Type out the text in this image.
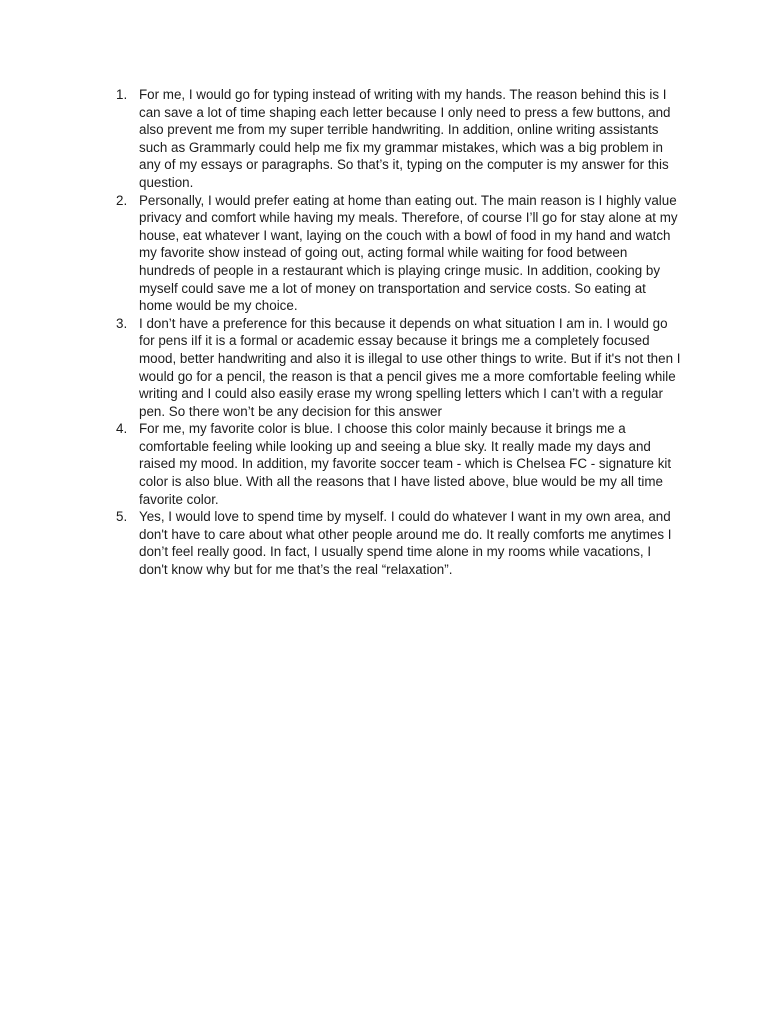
1. For me, I would go for typing instead of writing with my hands. The reason behind this is I can save a lot of time shaping each letter because I only need to press a few buttons, and also prevent me from my super terrible handwriting. In addition, online writing assistants such as Grammarly could help me fix my grammar mistakes, which was a big problem in any of my essays or paragraphs. So that’s it, typing on the computer is my answer for this question.
2. Personally, I would prefer eating at home than eating out. The main reason is I highly value privacy and comfort while having my meals. Therefore, of course I’ll go for stay alone at my house, eat whatever I want, laying on the couch with a bowl of food in my hand and watch my favorite show instead of going out, acting formal while waiting for food between hundreds of people in a restaurant which is playing cringe music. In addition, cooking by myself could save me a lot of money on transportation and service costs. So eating at home would be my choice.
3. I don’t have a preference for this because it depends on what situation I am in. I would go for pens iIf it is a formal or academic essay because it brings me a completely focused mood, better handwriting and also it is illegal to use other things to write. But if it's not then I would go for a pencil, the reason is that a pencil gives me a more comfortable feeling while writing and I could also easily erase my wrong spelling letters which I can’t with a regular pen. So there won’t be any decision for this answer
4. For me, my favorite color is blue. I choose this color mainly because it brings me a comfortable feeling while looking up and seeing a blue sky. It really made my days and raised my mood. In addition, my favorite soccer team - which is Chelsea FC - signature kit color is also blue. With all the reasons that I have listed above, blue would be my all time favorite color.
5. Yes, I would love to spend time by myself. I could do whatever I want in my own area, and don't have to care about what other people around me do. It really comforts me anytimes I don’t feel really good. In fact, I usually spend time alone in my rooms while vacations, I don't know why but for me that’s the real “relaxation”.
